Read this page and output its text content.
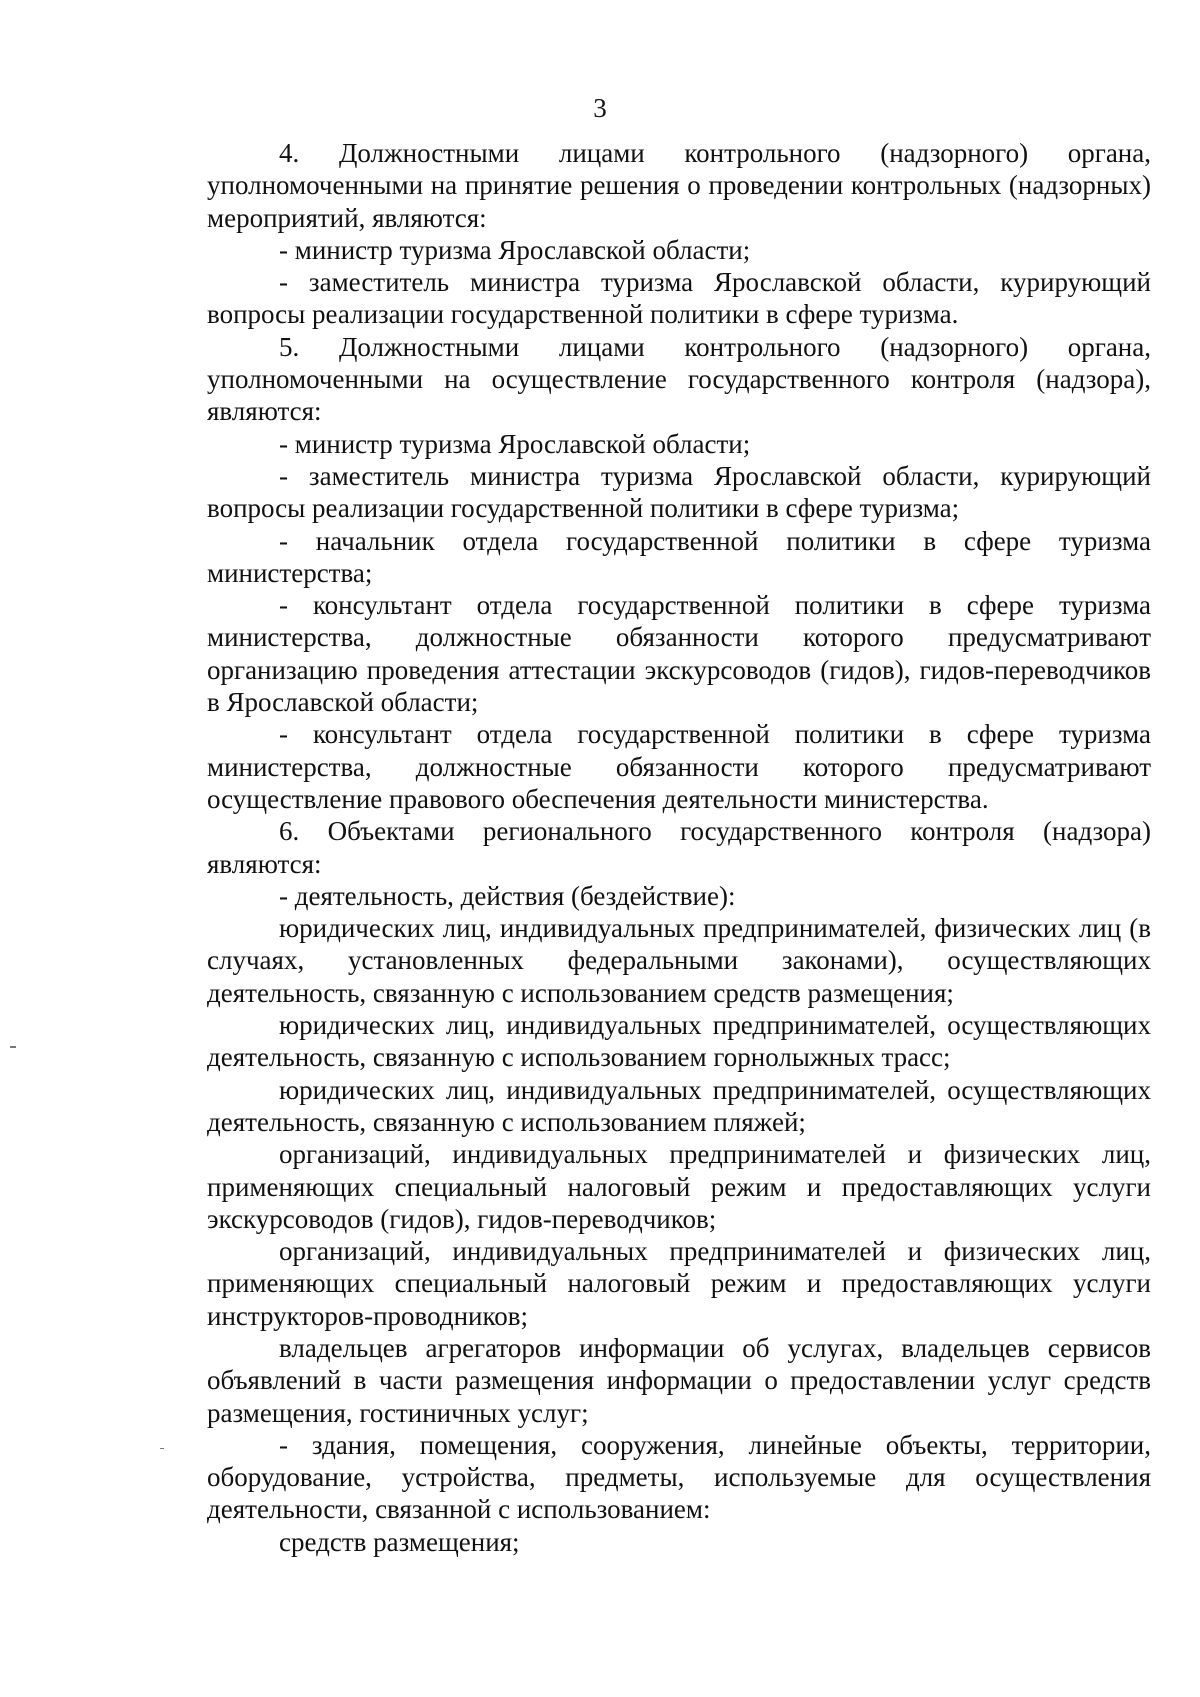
3

4. Должностными лицами контрольного (надзорного) органа, уполномоченными на принятие решения о проведении контрольных (надзорных) мероприятий, являются:

- министр туризма Ярославской области;

- заместитель министра туризма Ярославской области, курирующий вопросы реализации государственной политики в сфере туризма.

5. Должностными лицами контрольного (надзорного) органа, уполномоченными на осуществление государственного контроля (надзора), являются:

- министр туризма Ярославской области;

- заместитель министра туризма Ярославской области, курирующий вопросы реализации государственной политики в сфере туризма;

- начальник отдела государственной политики в сфере туризма министерства;

- консультант отдела государственной политики в сфере туризма министерства, должностные обязанности которого предусматривают организацию проведения аттестации экскурсоводов (гидов), гидов-переводчиков в Ярославской области;

- консультант отдела государственной политики в сфере туризма министерства, должностные обязанности которого предусматривают осуществление правового обеспечения деятельности министерства.

6. Объектами регионального государственного контроля (надзора) являются:

- деятельность, действия (бездействие):

юридических лиц, индивидуальных предпринимателей, физических лиц (в случаях, установленных федеральными законами), осуществляющих деятельность, связанную с использованием средств размещения;

юридических лиц, индивидуальных предпринимателей, осуществляющих деятельность, связанную с использованием горнолыжных трасс;

юридических лиц, индивидуальных предпринимателей, осуществляющих деятельность, связанную с использованием пляжей;

организаций, индивидуальных предпринимателей и физических лиц, применяющих специальный налоговый режим и предоставляющих услуги экскурсоводов (гидов), гидов-переводчиков;

организаций, индивидуальных предпринимателей и физических лиц, применяющих специальный налоговый режим и предоставляющих услуги инструкторов-проводников;

владельцев агрегаторов информации об услугах, владельцев сервисов объявлений в части размещения информации о предоставлении услуг средств размещения, гостиничных услуг;

- здания, помещения, сооружения, линейные объекты, территории, оборудование, устройства, предметы, используемые для осуществления деятельности, связанной с использованием:

средств размещения;
